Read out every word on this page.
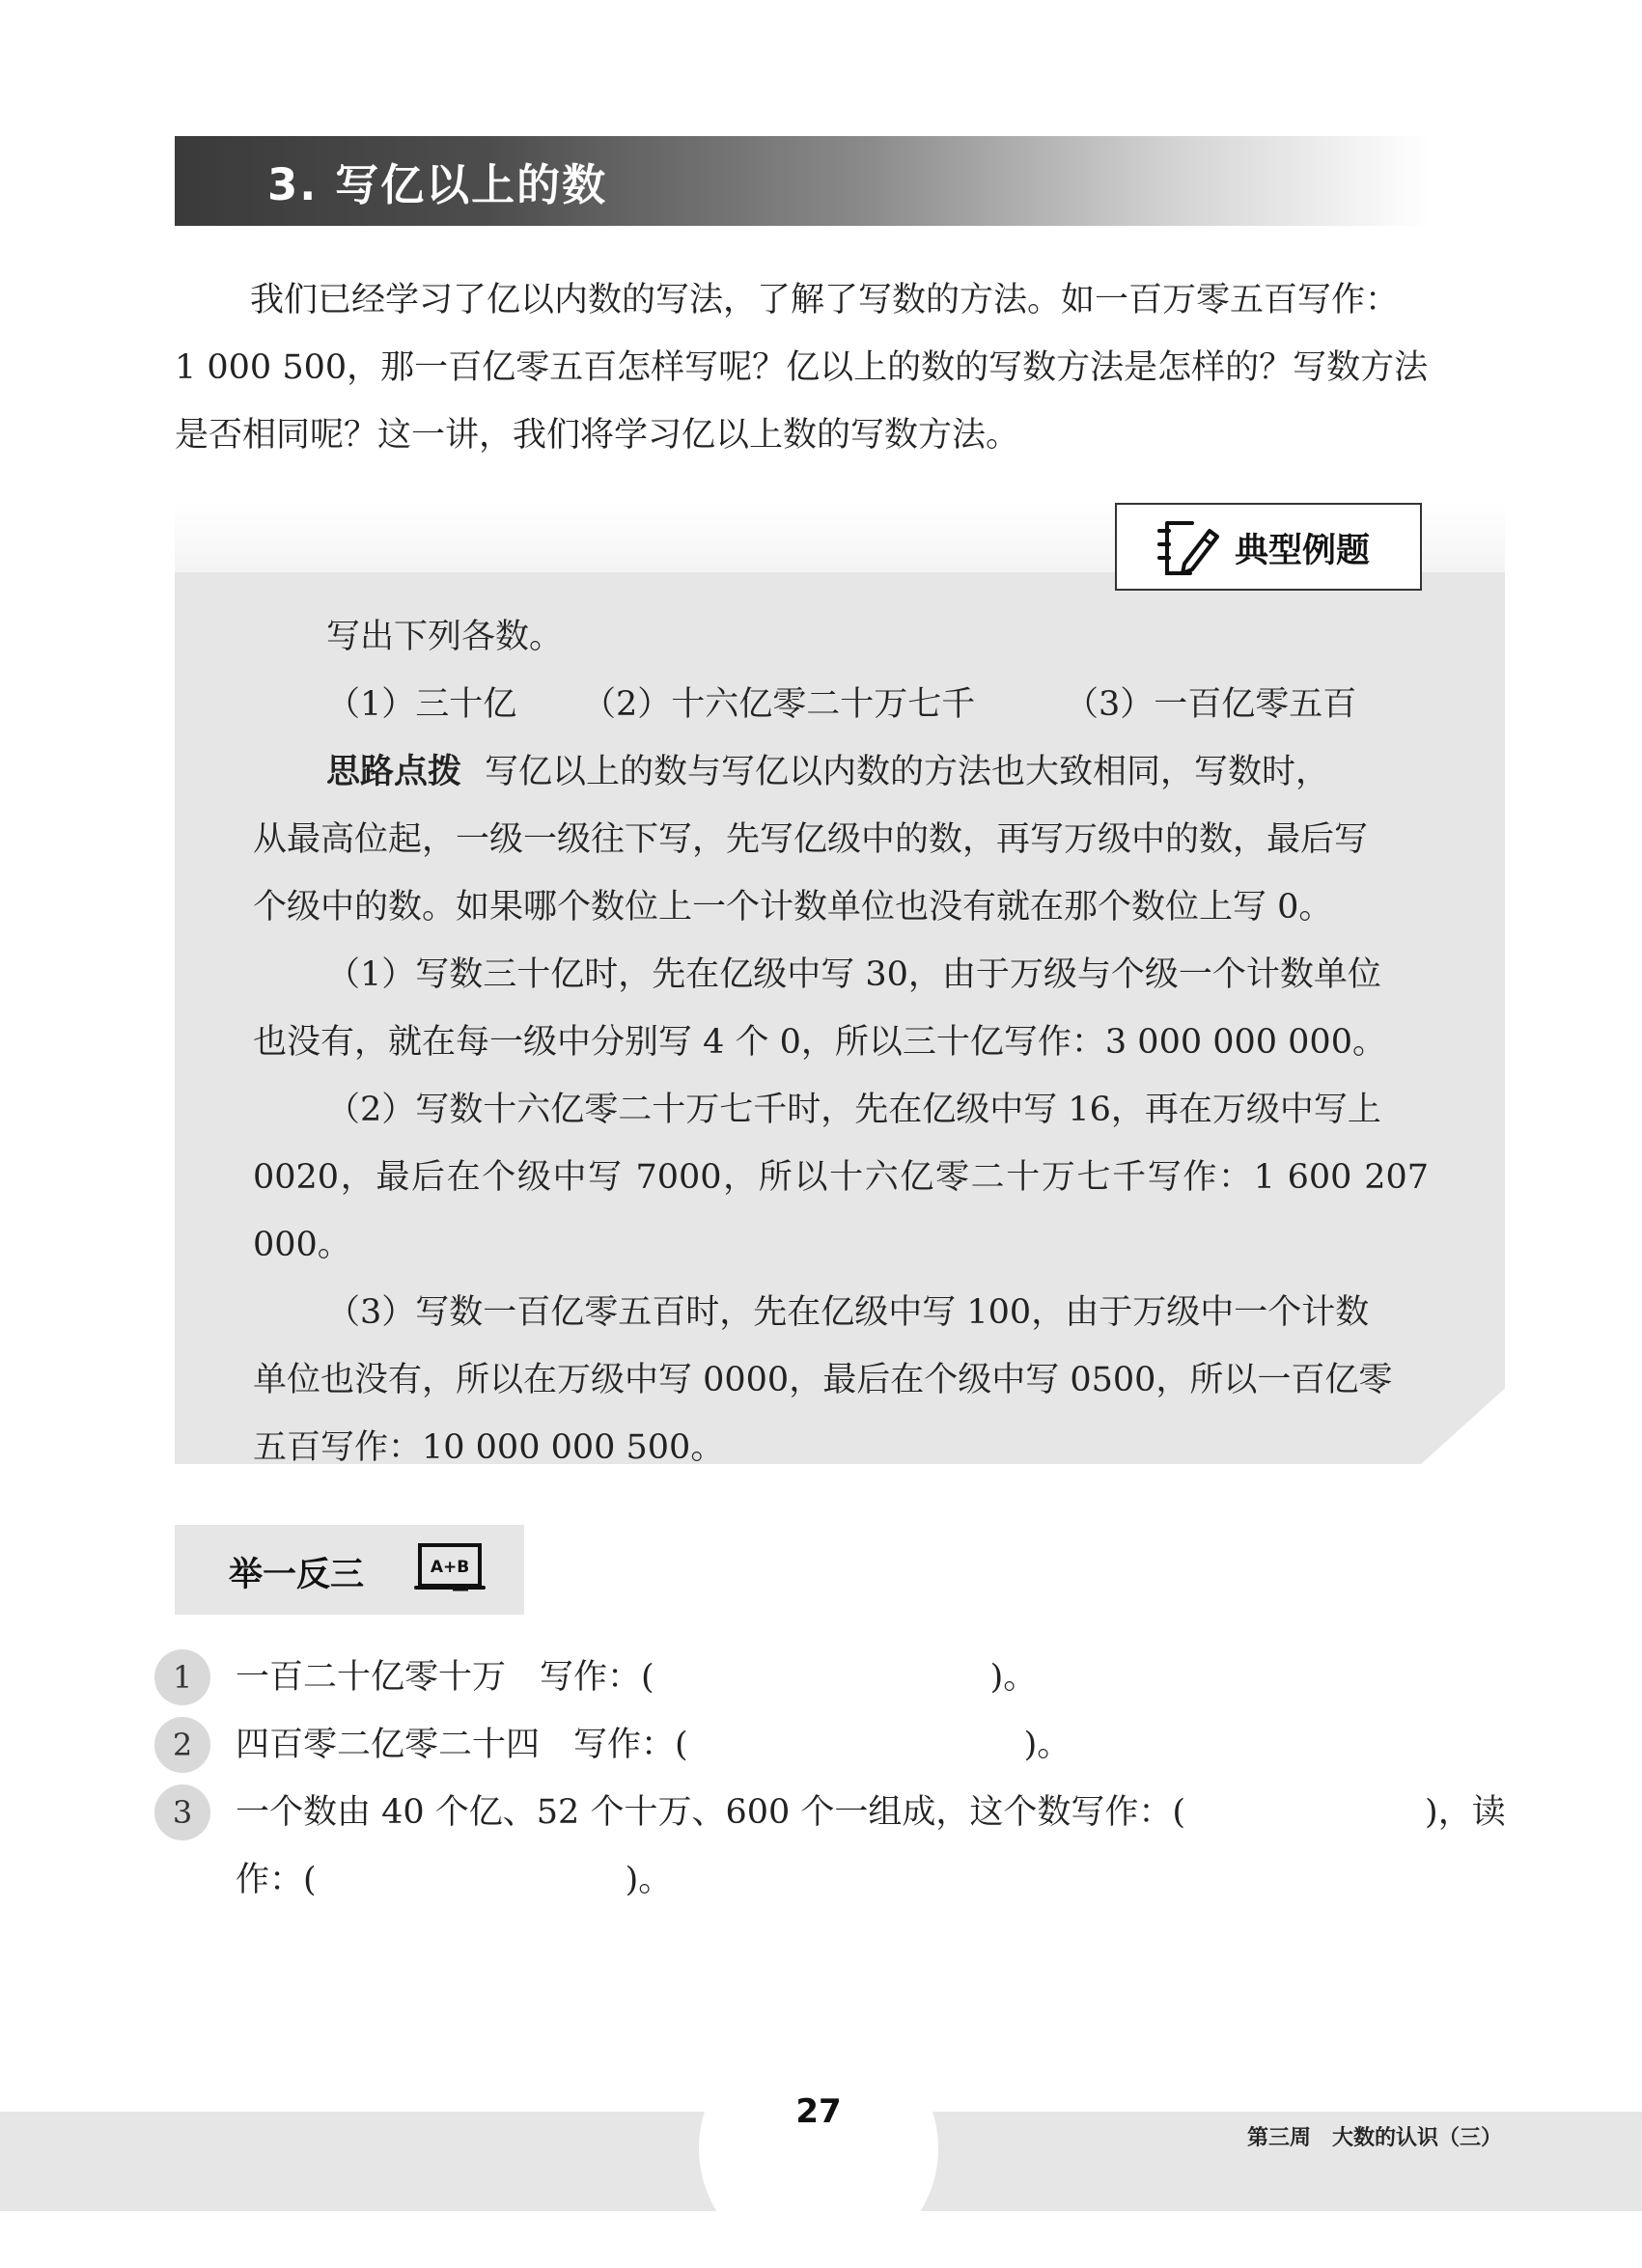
3. 写亿以上的数
我们已经学习了亿以内数的写法，了解了写数的方法。如一百万零五百写作：
1 000 500，那一百亿零五百怎样写呢？亿以上的数的写数方法是怎样的？写数方法
是否相同呢？这一讲，我们将学习亿以上数的写数方法。
典型例题

写出下列各数。

（1）三十亿 （2）十六亿零二十万七千	（3）一百亿零五百

思路点拨 写亿以上的数与写亿以内数的方法也大致相同，写数时，

从最高位起，一级一级往下写，先写亿级中的数，再写万级中的数，最后写

个级中的数。如果哪个数位上一个计数单位也没有就在那个数位上写 0。

（1）写数三十亿时，先在亿级中写 30，由于万级与个级一个计数单位

也没有，就在每一级中分别写 4 个 0，所以三十亿写作：3 000 000 000。

（2）写数十六亿零二十万七千时，先在亿级中写 16，再在万级中写上

0020，最后在个级中写 7000，所以十六亿零二十万七千写作：1 600 207 000。

（3）写数一百亿零五百时，先在亿级中写 100，由于万级中一个计数

单位也没有，所以在万级中写 0000，最后在个级中写 0500，所以一百亿零

五百写作：10 000 000 500。

举一反三	A+B
1	一百二十亿零十万　写作：(	)。
2	四百零二亿零二十四　写作：(	)。
3	一个数由 40 个亿、52 个十万、600 个一组成，这个数写作：(	)，读
作：(	)。
27
第三周　大数的认识（三）
